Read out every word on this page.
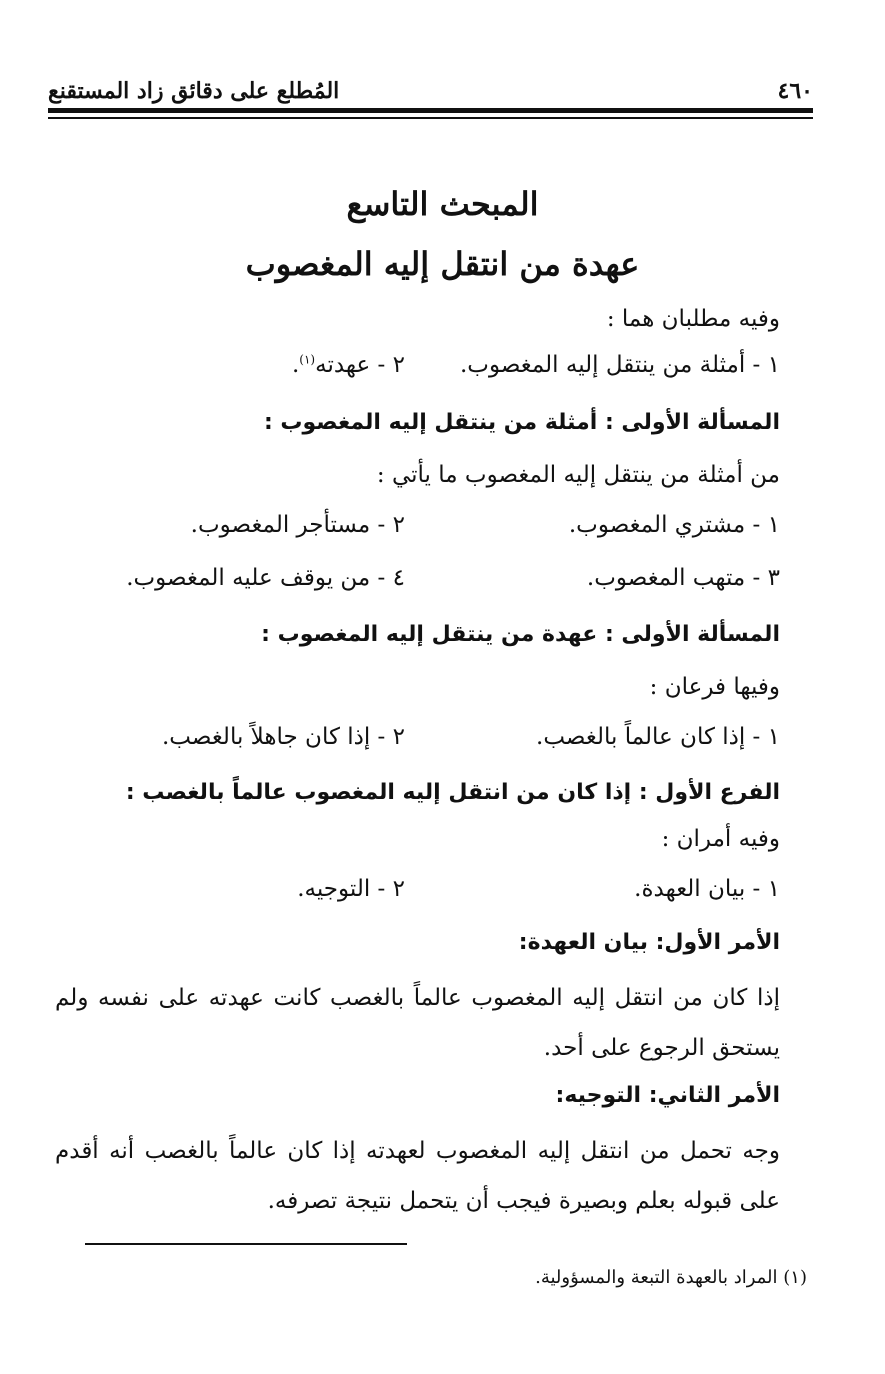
٤٦٠
المُطلع على دقائق زاد المستقنع
المبحث التاسع
عهدة من انتقل إليه المغصوب
وفيه مطلبان هما :
١ - أمثلة من ينتقل إليه المغصوب.
٢ - عهدته$^{(١)}$.
المسألة الأولى : أمثلة من ينتقل إليه المغصوب :
من أمثلة من ينتقل إليه المغصوب ما يأتي :
١ - مشتري المغصوب.
٢ - مستأجر المغصوب.
٣ - متهب المغصوب.
٤ - من يوقف عليه المغصوب.
المسألة الأولى : عهدة من ينتقل إليه المغصوب :
وفيها فرعان :
١ - إذا كان عالماً بالغصب.
٢ - إذا كان جاهلاً بالغصب.
الفرع الأول : إذا كان من انتقل إليه المغصوب عالماً بالغصب :
وفيه أمران :
١ - بيان العهدة.
٢ - التوجيه.
الأمر الأول: بيان العهدة:
إذا كان من انتقل إليه المغصوب عالماً بالغصب كانت عهدته على نفسه ولم يستحق الرجوع على أحد.
الأمر الثاني: التوجيه:
وجه تحمل من انتقل إليه المغصوب لعهدته إذا كان عالماً بالغصب أنه أقدم على قبوله بعلم وبصيرة فيجب أن يتحمل نتيجة تصرفه.
(١) المراد بالعهدة التبعة والمسؤولية.
